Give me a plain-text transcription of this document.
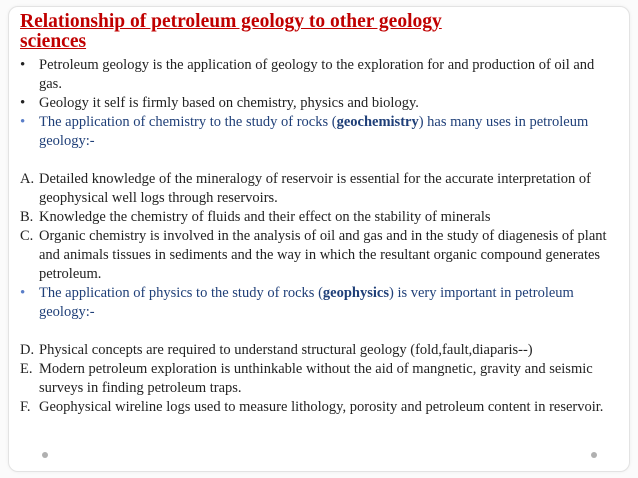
Relationship of petroleum geology to other geology sciences
• Petroleum geology is the application of geology to the exploration for and production of oil and gas.
• Geology it self is firmly based on chemistry, physics and biology.
• The application of chemistry to the study of rocks (geochemistry) has many uses in petroleum geology:-
A. Detailed knowledge of the mineralogy of reservoir is essential for the accurate interpretation of geophysical well logs through reservoirs.
B. Knowledge the chemistry of fluids and their effect on the stability of minerals
C. Organic chemistry is involved in the analysis of oil and gas and in the study of diagenesis of plant and animals tissues in sediments and the way in which the resultant organic compound generates petroleum.
• The application of physics to the study of rocks (geophysics) is very important in petroleum geology:-
D. Physical concepts are required to understand structural geology (fold,fault,diaparis--)
E. Modern petroleum exploration is unthinkable without the aid of mangnetic, gravity and seismic surveys in finding petroleum traps.
F. Geophysical wireline logs used to measure lithology, porosity and petroleum content in reservoir.
